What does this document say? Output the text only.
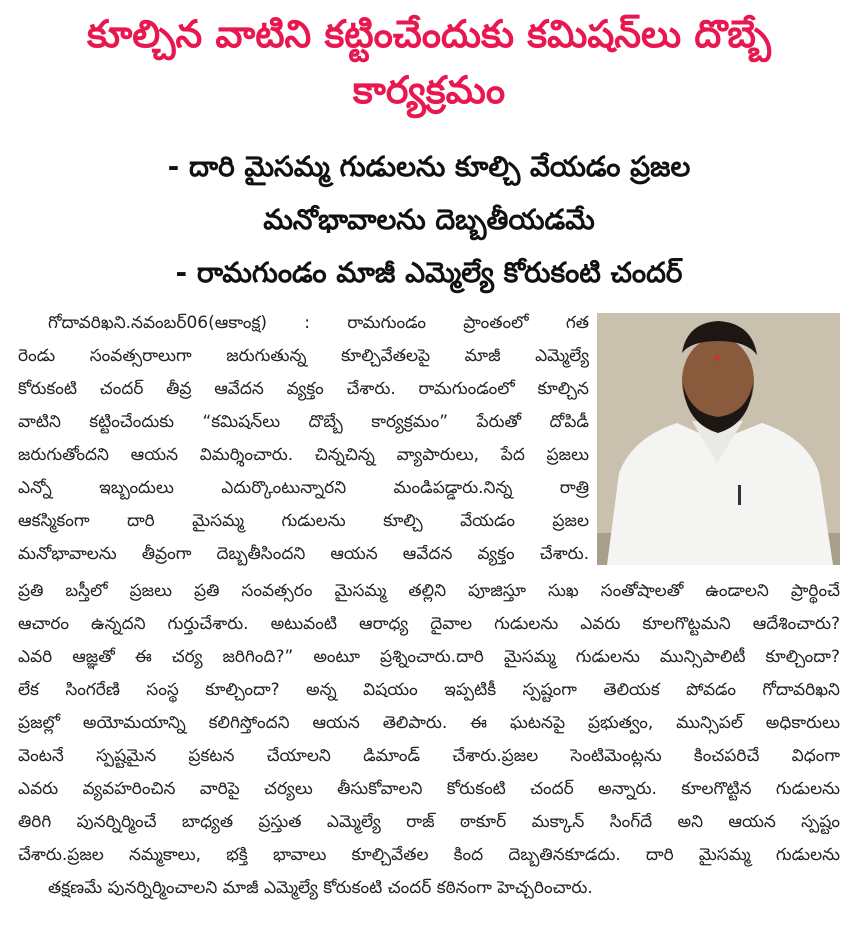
కూల్చిన వాటిని కట్టించేందుకు కమిషన్‌లు దొబ్బే కార్యక్రమం
- దారి మైసమ్మ గుడులను కూల్చి వేయడం ప్రజల
మనోభావాలను దెబ్బతీయడమే
- రామగుండం మాజీ ఎమ్మెల్యే కోరుకంటి చందర్
గోదావరిఖని.నవంబర్06(ఆకాంక్ష) : రామగుండం ప్రాంతంలో గత
రెండు సంవత్సరాలుగా జరుగుతున్న కూల్చివేతలపై మాజీ ఎమ్మెల్యే
కోరుకంటి చందర్ తీవ్ర ఆవేదన వ్యక్తం చేశారు. రామగుండంలో కూల్చిన
వాటిని కట్టించేందుకు “కమిషన్‌లు దొబ్బే కార్యక్రమం” పేరుతో దోపిడీ
జరుగుతోందని ఆయన విమర్శించారు. చిన్నచిన్న వ్యాపారులు, పేద ప్రజలు
ఎన్నో ఇబ్బందులు ఎదుర్కొంటున్నారని మండిపడ్డారు.నిన్న రాత్రి
ఆకస్మికంగా దారి మైసమ్మ గుడులను కూల్చి వేయడం ప్రజల
మనోభావాలను తీవ్రంగా దెబ్బతీసిందని ఆయన ఆవేదన వ్యక్తం చేశారు.
ప్రతి బస్తీలో ప్రజలు ప్రతి సంవత్సరం మైసమ్మ తల్లిని పూజిస్తూ సుఖ సంతోషాలతో ఉండాలని ప్రార్థించే
ఆచారం ఉన్నదని గుర్తుచేశారు. అటువంటి ఆరాధ్య దైవాల గుడులను ఎవరు కూలగొట్టమని ఆదేశించారు?
ఎవరి ఆజ్ఞతో ఈ చర్య జరిగింది?” అంటూ ప్రశ్నించారు.దారి మైసమ్మ గుడులను మున్సిపాలిటీ కూల్చిందా?
లేక సింగరేణి సంస్థ కూల్చిందా? అన్న విషయం ఇప్పటికీ స్పష్టంగా తెలియక పోవడం గోదావరిఖని
ప్రజల్లో అయోమయాన్ని కలిగిస్తోందని ఆయన తెలిపారు. ఈ ఘటనపై ప్రభుత్వం, మున్సిపల్ అధికారులు
వెంటనే స్పష్టమైన ప్రకటన చేయాలని డిమాండ్ చేశారు.ప్రజల సెంటిమెంట్లను కించపరిచే విధంగా
ఎవరు వ్యవహరించిన వారిపై చర్యలు తీసుకోవాలని కోరుకంటి చందర్ అన్నారు. కూలగొట్టిన గుడులను
తిరిగి పునర్నిర్మించే బాధ్యత ప్రస్తుత ఎమ్మెల్యే రాజ్ ఠాకూర్ మక్కాన్ సింగ్‌దే అని ఆయన స్పష్టం
చేశారు.ప్రజల నమ్మకాలు, భక్తి భావాలు కూల్చివేతల కింద దెబ్బతినకూడదు. దారి మైసమ్మ గుడులను
తక్షణమే పునర్నిర్మించాలని మాజీ ఎమ్మెల్యే కోరుకంటి చందర్ కఠినంగా హెచ్చరించారు.
